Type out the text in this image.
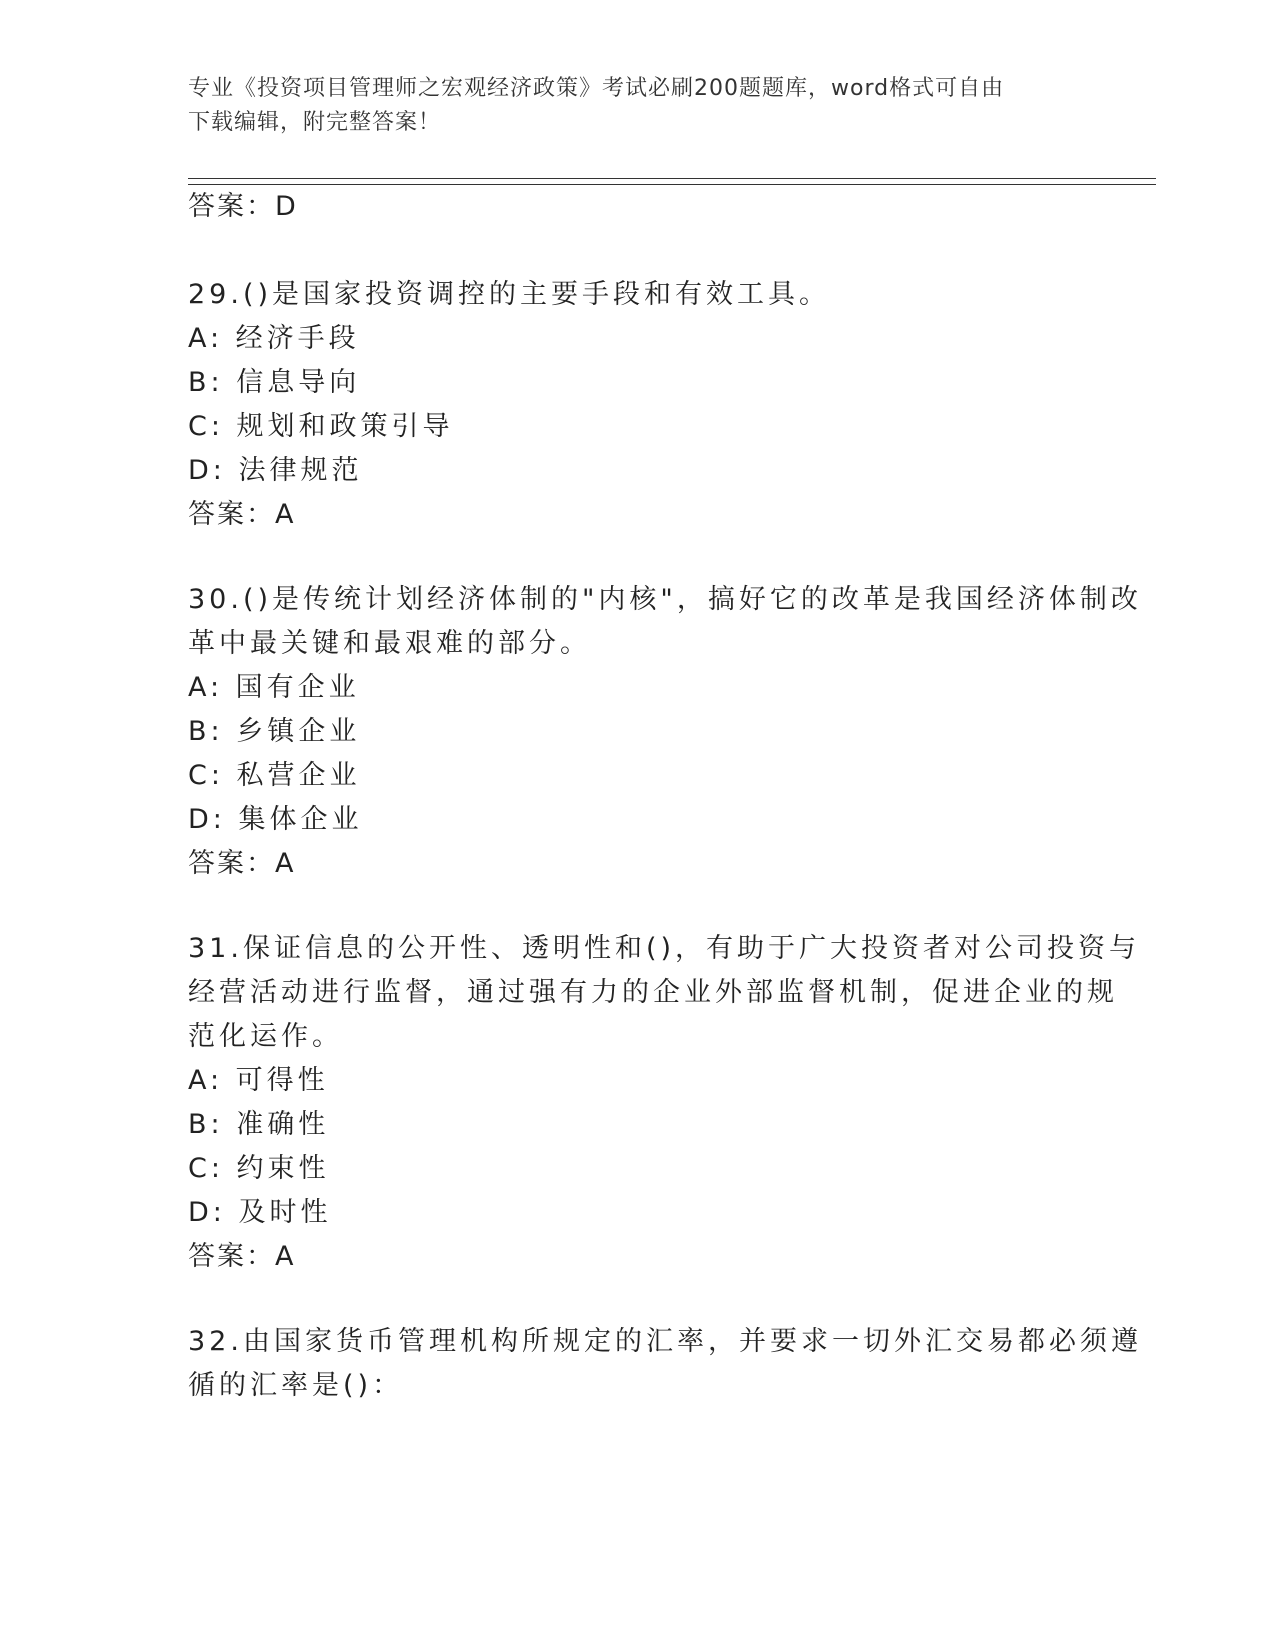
专业《投资项目管理师之宏观经济政策》考试必刷200题题库，word格式可自由
下载编辑，附完整答案！
答案：D
29.()是国家投资调控的主要手段和有效工具。
A: 经济手段
B: 信息导向
C: 规划和政策引导
D: 法律规范
答案：A
30.()是传统计划经济体制的"内核"，搞好它的改革是我国经济体制改
革中最关键和最艰难的部分。
A: 国有企业
B: 乡镇企业
C: 私营企业
D: 集体企业
答案：A
31.保证信息的公开性、透明性和()，有助于广大投资者对公司投资与
经营活动进行监督，通过强有力的企业外部监督机制，促进企业的规
范化运作。
A: 可得性
B: 准确性
C: 约束性
D: 及时性
答案：A
32.由国家货币管理机构所规定的汇率，并要求一切外汇交易都必须遵
循的汇率是()：
